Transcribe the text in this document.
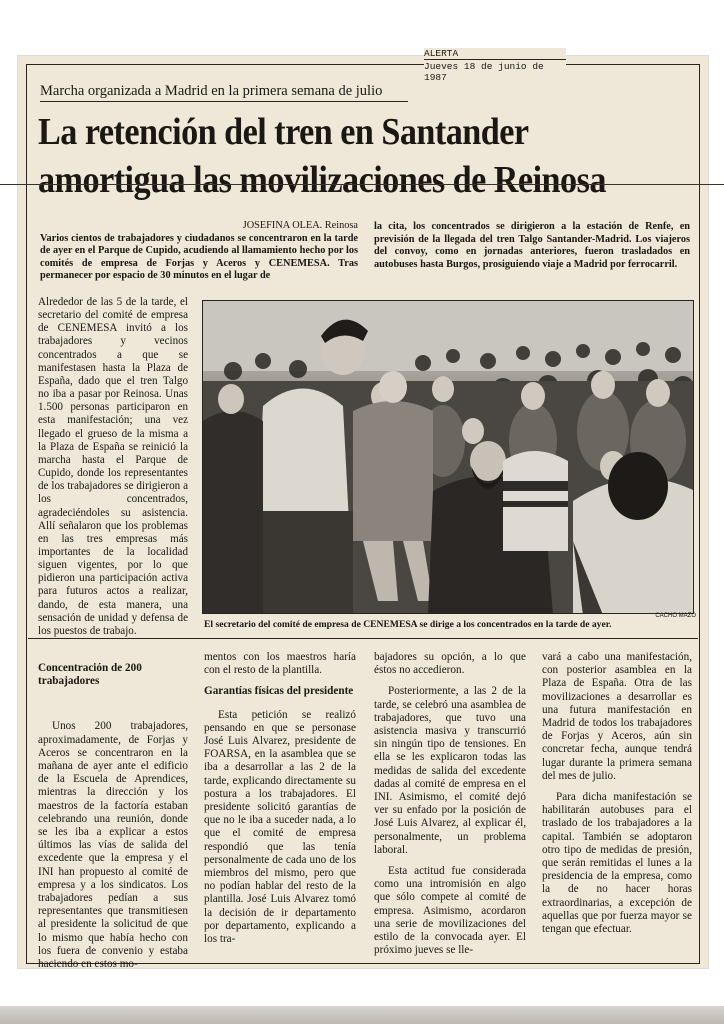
ALERTA
Jueves 18 de junio de 1987
Marcha organizada a Madrid en la primera semana de julio
La retención del tren en Santander
amortigua las movilizaciones de Reinosa
JOSEFINA OLEA. Reinosa
Varios cientos de trabajadores y ciudadanos se concentraron en la tarde de ayer en el Parque de Cupido, acudiendo al llamamiento hecho por los comités de empresa de Forjas y Aceros y CENEMESA. Tras permanecer por espacio de 30 minutos en el lugar de
la cita, los concentrados se dirigieron a la estación de Renfe, en previsión de la llegada del tren Talgo Santander-Madrid. Los viajeros del convoy, como en jornadas anteriores, fueron trasladados en autobuses hasta Burgos, prosiguiendo viaje a Madrid por ferrocarril.

Alrededor de las 5 de la tarde, el secretario del comité de empresa de CENEMESA invitó a los trabajadores y vecinos concentrados a que se manifestasen hasta la Plaza de España, dado que el tren Talgo no iba a pasar por Reinosa. Unas 1.500 personas participaron en esta manifestación; una vez llegado el grueso de la misma a la Plaza de España se reinició la marcha hasta el Parque de Cupido, donde los representantes de los trabajadores se dirigieron a los concentrados, agradeciéndoles su asistencia. Allí señalaron que los problemas en las tres empresas más importantes de la localidad siguen vigentes, por lo que pidieron una participación activa para futuros actos a realizar, dando, de esta manera, una sensación de unidad y defensa de los puestos de trabajo.

CACHO MAZO
El secretario del comité de empresa de CENEMESA se dirige a los concentrados en la tarde de ayer.

Concentración de 200 trabajadores

Unos 200 trabajadores, aproximadamente, de Forjas y Aceros se concentraron en la mañana de ayer ante el edificio de la Escuela de Aprendices, mientras la dirección y los maestros de la factoría estaban celebrando una reunión, donde se les iba a explicar a estos últimos las vías de salida del excedente que la empresa y el INI han propuesto al comité de empresa y a los sindicatos. Los trabajadores pedían a sus representantes que transmitiesen al presidente la solicitud de que lo mismo que había hecho con los fuera de convenio y estaba haciendo en estos mo-

mentos con los maestros haría con el resto de la plantilla.

Garantías físicas del presidente

Esta petición se realizó pensando en que se personase José Luis Alvarez, presidente de FOARSA, en la asamblea que se iba a desarrollar a las 2 de la tarde, explicando directamente su postura a los trabajadores. El presidente solicitó garantías de que no le iba a suceder nada, a lo que el comité de empresa respondió que las tenía personalmente de cada uno de los miembros del mismo, pero que no podían hablar del resto de la plantilla. José Luis Alvarez tomó la decisión de ir departamento por departamento, explicando a los tra-

bajadores su opción, a lo que éstos no accedieron.

Posteriormente, a las 2 de la tarde, se celebró una asamblea de trabajadores, que tuvo una asistencia masiva y transcurrió sin ningún tipo de tensiones. En ella se les explicaron todas las medidas de salida del excedente dadas al comité de empresa en el INI. Asimismo, el comité dejó ver su enfado por la posición de José Luis Alvarez, al explicar él, personalmente, un problema laboral.

Esta actitud fue considerada como una intromisión en algo que sólo compete al comité de empresa. Asimismo, acordaron una serie de movilizaciones del estilo de la convocada ayer. El próximo jueves se lle-

vará a cabo una manifestación, con posterior asamblea en la Plaza de España. Otra de las movilizaciones a desarrollar es una futura manifestación en Madrid de todos los trabajadores de Forjas y Aceros, aún sin concretar fecha, aunque tendrá lugar durante la primera semana del mes de julio.

Para dicha manifestación se habilitarán autobuses para el traslado de los trabajadores a la capital. También se adoptaron otro tipo de medidas de presión, que serán remitidas el lunes a la presidencia de la empresa, como la de no hacer horas extraordinarias, a excepción de aquellas que por fuerza mayor se tengan que efectuar.
